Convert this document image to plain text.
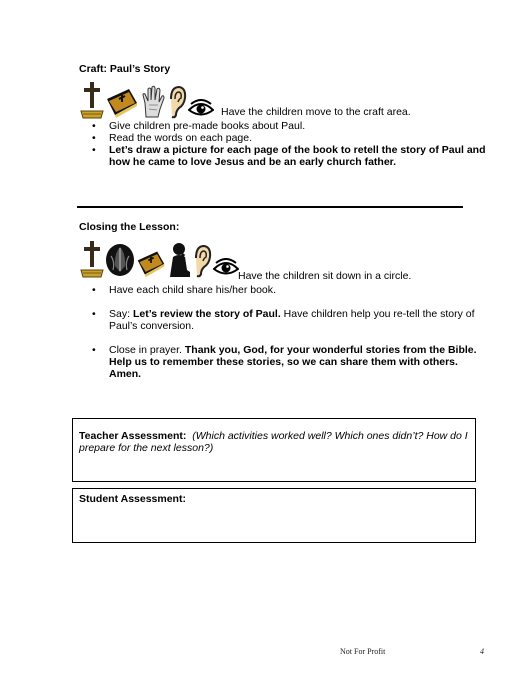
Craft: Paul’s Story
Have the children move to the craft area.
• Give children pre-made books about Paul.
• Read the words on each page.
• Let’s draw a picture for each page of the book to retell the story of Paul and how he came to love Jesus and be an early church father.
Closing the Lesson:
Have the children sit down in a circle.
• Have each child share his/her book.
• Say: Let’s review the story of Paul. Have children help you re-tell the story of Paul’s conversion.
• Close in prayer. Thank you, God, for your wonderful stories from the Bible. Help us to remember these stories, so we can share them with others. Amen.
Teacher Assessment: (Which activities worked well? Which ones didn’t? How do I prepare for the next lesson?)
Student Assessment:
Not For Profit	4
